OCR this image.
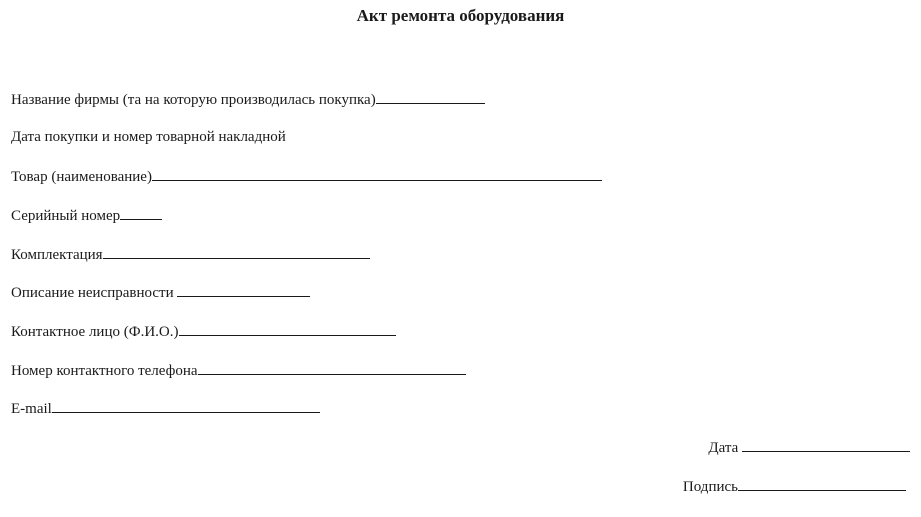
Акт ремонта оборудования
Название фирмы (та на которую производилась покупка)
Дата покупки и номер товарной накладной
Товар (наименование)
Серийный номер
Комплектация
Описание неисправности
Контактное лицо (Ф.И.О.)
Номер контактного телефона
E-mail
Дата
Подпись
